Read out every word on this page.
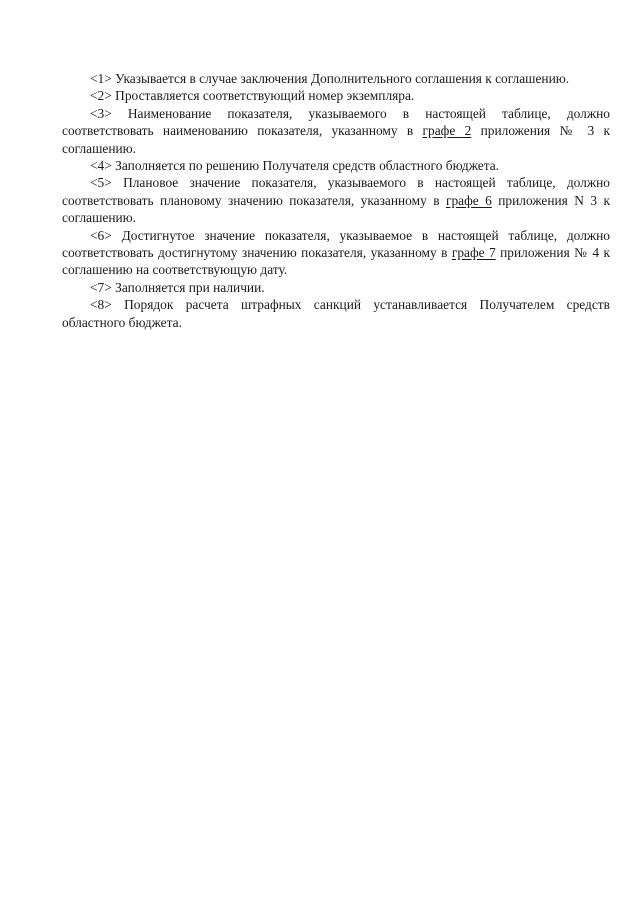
<1> Указывается в случае заключения Дополнительного соглашения к соглашению.

<2> Проставляется соответствующий номер экземпляра.

<3> Наименование показателя, указываемого в настоящей таблице, должно соответствовать наименованию показателя, указанному в графе 2 приложения № 3 к соглашению.

<4> Заполняется по решению Получателя средств областного бюджета.

<5> Плановое значение показателя, указываемого в настоящей таблице, должно соответствовать плановому значению показателя, указанному в графе 6 приложения N 3 к соглашению.

<6> Достигнутое значение показателя, указываемое в настоящей таблице, должно соответствовать достигнутому значению показателя, указанному в графе 7 приложения № 4 к соглашению на соответствующую дату.

<7> Заполняется при наличии.

<8> Порядок расчета штрафных санкций устанавливается Получателем средств областного бюджета.
